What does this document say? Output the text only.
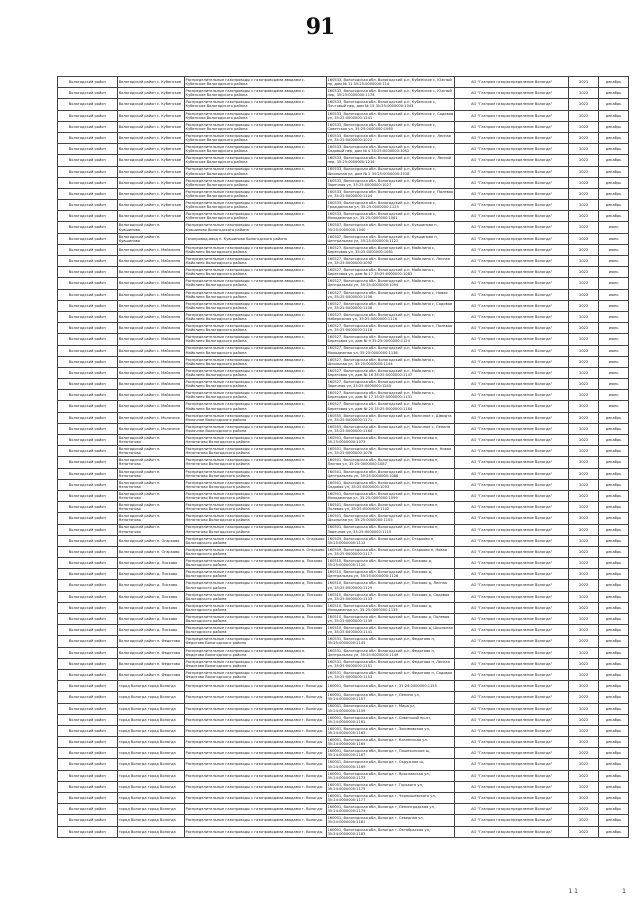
91
Вологодский район	Вологодский район с. Кубенское	Распределительные газопроводы с газопроводами-вводами с. Кубенское Вологодского района	160533, Вологодская обл. Вологодский р-н, Кубенское с, Южный пр, дом № 11 35:25:0000000:114	АО "Газпром газораспределение Вологда"	2021	декабрь
Вологодский район	Вологодский район с. Кубенское	Распределительные газопроводы с газопроводами-вводами с. Кубенское Вологодского района	160533, Вологодская обл. Вологодский р-н, Кубенское с, Южный пер, 35:25:0000000:1174	АО "Газпром газораспределение Вологда"	2022	декабрь
Вологодский район	Вологодский район с. Кубенское	Распределительные газопроводы с газопроводами-вводами с. Кубенское Вологодского района	160533, Вологодская обл. Вологодский р-н, Кубенское с, Почтовый пер, дом № 15 35:25:0000000:1043	АО "Газпром газораспределение Вологда"	2022	декабрь
Вологодский район	Вологодский район с. Кубенское	Распределительные газопроводы с газопроводами-вводами с. Кубенское Вологодского района	160533, Вологодская обл. Вологодский р-н, Кубенское с, Садовая ул, 35:25:0000000:1241	АО "Газпром газораспределение Вологда"	2022	декабрь
Вологодский район	Вологодский район с. Кубенское	Распределительные газопроводы с газопроводами-вводами с. Кубенское Вологодского района	160533, Вологодская обл. Вологодский р-н, Кубенское с, Советская ул, 35:25:0000000:1060	АО "Газпром газораспределение Вологда"	2022	декабрь
Вологодский район	Вологодский район с. Кубенское	Распределительные газопроводы с газопроводами-вводами с. Кубенское Вологодского района	160533, Вологодская обл. Вологодский р-н, Кубенское с, Лесная ул, 35:25:0000000:1022	АО "Газпром газораспределение Вологда"	2022	декабрь
Вологодский район	Вологодский район с. Кубенское	Распределительные газопроводы с газопроводами-вводами с. Кубенское Вологодского района	160533, Вологодская обл. Вологодский р-н, Кубенское с, Садовый пер, дом № 4 35:25:0000000:1052	АО "Газпром газораспределение Вологда"	2022	декабрь
Вологодский район	Вологодский район с. Кубенское	Распределительные газопроводы с газопроводами-вводами с. Кубенское Вологодского района	160533, Вологодская обл. Вологодский р-н, Кубенское с, Лесной пер, 35:25:0000000:1216	АО "Газпром газораспределение Вологда"	2022	декабрь
Вологодский район	Вологодский район с. Кубенское	Распределительные газопроводы с газопроводами-вводами с. Кубенское Вологодского района	160533, Вологодская обл. Вологодский р-н, Кубенское с, Школьная ул, дом № 2 35:25:0000000:1018	АО "Газпром газораспределение Вологда"	2022	декабрь
Вологодский район	Вологодский район с. Кубенское	Распределительные газопроводы с газопроводами-вводами с. Кубенское Вологодского района	160533, Вологодская обл. Вологодский р-н, Кубенское с, Заречная ул, 35:25:0000000:1027	АО "Газпром газораспределение Вологда"	2022	декабрь
Вологодский район	Вологодский район с. Кубенское	Распределительные газопроводы с газопроводами-вводами с. Кубенское Вологодского района	160533, Вологодская обл. Вологодский р-н, Кубенское с, Полевая ул, 35:25:0000000:1104	АО "Газпром газораспределение Вологда"	2022	декабрь
Вологодский район	Вологодский район с. Кубенское	Распределительные газопроводы с газопроводами-вводами с. Кубенское Вологодского района	160533, Вологодская обл. Вологодский р-н, Кубенское с, Гражданская ул, 35:25:0000000:1125	АО "Газпром газораспределение Вологда"	2022	декабрь
Вологодский район	Вологодский район с. Кубенское	Распределительные газопроводы с газопроводами-вводами с. Кубенское Вологодского района	160533, Вологодская обл. Вологодский р-н, Кубенское с, Молодежная ул, 35:25:0000000:1061	АО "Газпром газораспределение Вологда"	2022	декабрь
Вологодский район	Вологодский район п. Кувшиново	Распределительные газопроводы с газопроводами-вводами п. Кувшиново Вологодского района	160507, Вологодская обл. Вологодский р-н, Кувшиново п, 35:25:0000000:1040	АО "Газпром газораспределение Вологда"	2022	июнь
Вологодский район	Вологодский район п. Кувшиново	Газопровод-ввод п. Кувшиново Вологодского района	160507, Вологодская обл. Вологодский р-н, Кувшиново п, Центральная ул, 35:25:0000000:1122	АО "Газпром газораспределение Вологда"	2022	июнь
Вологодский район	Вологодский район с. Майклино	Распределительные газопроводы с газопроводами-вводами с. Майклино Вологодского района	160527, Вологодская обл. Вологодский р-н, Майклино с, Береговая ул, 35:25:0000000:1081	АО "Газпром газораспределение Вологда"	2022	июнь
Вологодский район	Вологодский район с. Майклино	Распределительные газопроводы с газопроводами-вводами с. Майклино Вологодского района	160527, Вологодская обл. Вологодский р-н, Майклино с, Лесная ул, 35:25:0000000:1092	АО "Газпром газораспределение Вологда"	2022	июнь
Вологодский район	Вологодский район с. Майклино	Распределительные газопроводы с газопроводами-вводами с. Майклино Вологодского района	160527, Вологодская обл. Вологодский р-н, Майклино с, Береговая ул, дом № 17 35:25:0000000:1083	АО "Газпром газораспределение Вологда"	2022	июнь
Вологодский район	Вологодский район с. Майклино	Распределительные газопроводы с газопроводами-вводами с. Майклино Вологодского района	160527, Вологодская обл. Вологодский р-н, Майклино с, Центральная ул, 35:25:0000000:1094	АО "Газпром газораспределение Вологда"	2022	июнь
Вологодский район	Вологодский район с. Майклино	Распределительные газопроводы с газопроводами-вводами с. Майклино Вологодского района	160527, Вологодская обл. Вологодский р-н, Майклино с, Новая ул, 35:25:0000000:1106	АО "Газпром газораспределение Вологда"	2022	июнь
Вологодский район	Вологодский район с. Майклино	Распределительные газопроводы с газопроводами-вводами с. Майклино Вологодского района	160527, Вологодская обл. Вологодский р-н, Майклино с, Садовая ул, 35:25:0000000:1108	АО "Газпром газораспределение Вологда"	2022	июнь
Вологодский район	Вологодский район с. Майклино	Распределительные газопроводы с газопроводами-вводами с. Майклино Вологодского района	160527, Вологодская обл. Вологодский р-н, Майклино с, Набережная ул, 35:25:0000000:1116	АО "Газпром газораспределение Вологда"	2022	июнь
Вологодский район	Вологодский район с. Майклино	Распределительные газопроводы с газопроводами-вводами с. Майклино Вологодского района	160527, Вологодская обл. Вологодский р-н, Майклино с, Полевая ул, 35:25:0000000:1118	АО "Газпром газораспределение Вологда"	2022	июнь
Вологодский район	Вологодский район с. Майклино	Распределительные газопроводы с газопроводами-вводами с. Майклино Вологодского района	160527, Вологодская обл. Вологодский р-н, Майклино с, Береговая ул, дом № 9 35:25:0000000:1124	АО "Газпром газораспределение Вологда"	2022	июнь
Вологодский район	Вологодский район с. Майклино	Распределительные газопроводы с газопроводами-вводами с. Майклино Вологодского района	160527, Вологодская обл. Вологодский р-н, Майклино с, Молодежная ул, 35:25:0000000:1136	АО "Газпром газораспределение Вологда"	2022	июнь
Вологодский район	Вологодский район с. Майклино	Распределительные газопроводы с газопроводами-вводами с. Майклино Вологодского района	160527, Вологодская обл. Вологодский р-н, Майклино с, Школьная ул, 35:25:0000000:1144	АО "Газпром газораспределение Вологда"	2022	июнь
Вологодский район	Вологодский район с. Майклино	Распределительные газопроводы с газопроводами-вводами с. Майклино Вологодского района	160527, Вологодская обл. Вологодский р-н, Майклино с, Береговая ул, дом № 16 35:25:0000000:1147	АО "Газпром газораспределение Вологда"	2022	июнь
Вологодский район	Вологодский район с. Майклино	Распределительные газопроводы с газопроводами-вводами с. Майклино Вологодского района	160527, Вологодская обл. Вологодский р-н, Майклино с, Заречная ул, 35:25:0000000:1245	АО "Газпром газораспределение Вологда"	2022	июнь
Вологодский район	Вологодский район с. Майклино	Распределительные газопроводы с газопроводами-вводами с. Майклино Вологодского района	160527, Вологодская обл. Вологодский р-н, Майклино с, Береговая ул, дом № 17 35:25:0000000:1131	АО "Газпром газораспределение Вологда"	2022	июнь
Вологодский район	Вологодский район с. Майклино	Распределительные газопроводы с газопроводами-вводами с. Майклино Вологодского района	160527, Вологодская обл. Вологодский р-н, Майклино с, Береговая ул, дом № 25 35:25:0000000:1184	АО "Газпром газораспределение Вологда"	2022	июнь
Вологодский район	Вологодский район с. Молочное	Распределительные газопроводы с газопроводами-вводами с. Молочное Вологодского района	160555, Вологодская обл. Вологодский р-н, Молочное с, Шмидта ул, 35:25:0000000:1171	АО "Газпром газораспределение Вологда"	2022	декабрь
Вологодский район	Вологодский район с. Молочное	Распределительные газопроводы с газопроводами-вводами с. Молочное Вологодского района	160555, Вологодская обл. Вологодский р-н, Молочное с, Ленина ул, 35:25:0000000:1164	АО "Газпром газораспределение Вологда"	2022	декабрь
Вологодский район	Вологодский район п. Непотягово	Распределительные газопроводы с газопроводами-вводами п. Непотягово Вологодского района	160501, Вологодская обл. Вологодский р-н, Непотягово п, 35:25:0000000:1073	АО "Газпром газораспределение Вологда"	2022	декабрь
Вологодский район	Вологодский район п. Непотягово	Распределительные газопроводы с газопроводами-вводами п. Непотягово Вологодского района	160501, Вологодская обл. Вологодский р-н, Непотягово п, Новая ул, 35:25:0000000:1078	АО "Газпром газораспределение Вологда"	2022	декабрь
Вологодский район	Вологодский район п. Непотягово	Распределительные газопроводы с газопроводами-вводами п. Непотягово Вологодского района	160501, Вологодская обл. Вологодский р-н, Непотягово п, Лесная ул, 35:25:0000000:1087	АО "Газпром газораспределение Вологда"	2022	декабрь
Вологодский район	Вологодский район п. Непотягово	Распределительные газопроводы с газопроводами-вводами п. Непотягово Вологодского района	160501, Вологодская обл. Вологодский р-н, Непотягово п, Центральная ул, 35:25:0000000:1088	АО "Газпром газораспределение Вологда"	2022	декабрь
Вологодский район	Вологодский район п. Непотягово	Распределительные газопроводы с газопроводами-вводами п. Непотягово Вологодского района	160501, Вологодская обл. Вологодский р-н, Непотягово п, Садовая ул, 35:25:0000000:1093	АО "Газпром газораспределение Вологда"	2022	декабрь
Вологодский район	Вологодский район п. Непотягово	Распределительные газопроводы с газопроводами-вводами п. Непотягово Вологодского района	160501, Вологодская обл. Вологодский р-н, Непотягово п, Молодежная ул, 35:25:0000000:1099	АО "Газпром газораспределение Вологда"	2022	декабрь
Вологодский район	Вологодский район п. Непотягово	Распределительные газопроводы с газопроводами-вводами п. Непотягово Вологодского района	160501, Вологодская обл. Вологодский р-н, Непотягово п, Полевая ул, 35:25:0000000:1102	АО "Газпром газораспределение Вологда"	2022	декабрь
Вологодский район	Вологодский район п. Непотягово	Распределительные газопроводы с газопроводами-вводами п. Непотягово Вологодского района	160501, Вологодская обл. Вологодский р-н, Непотягово п, Школьная ул, 35:25:0000000:1105	АО "Газпром газораспределение Вологда"	2022	декабрь
Вологодский район	Вологодский район п. Непотягово	Распределительные газопроводы с газопроводами-вводами п. Непотягово Вологодского района	160501, Вологодская обл. Вологодский р-н, Непотягово п, Заречная ул, 35:25:0000000:1110	АО "Газпром газораспределение Вологда"	2022	декабрь
Вологодский район	Вологодский район п. Огарково	Распределительные газопроводы с газопроводами-вводами п. Огарково Вологодского района	160509, Вологодская обл. Вологодский р-н, Огарково п, 35:25:0000000:1112	АО "Газпром газораспределение Вологда"	2022	декабрь
Вологодский район	Вологодский район п. Огарково	Распределительные газопроводы с газопроводами-вводами п. Огарково Вологодского района	160509, Вологодская обл. Вологодский р-н, Огарково п, Новая ул, 35:25:0000000:1117	АО "Газпром газораспределение Вологда"	2022	декабрь
Вологодский район	Вологодский район д. Писково	Распределительные газопроводы с газопроводами-вводами д. Писково Вологодского района	160510, Вологодская обл. Вологодский р-н, Писково д, 35:25:0000000:1120	АО "Газпром газораспределение Вологда"	2022	декабрь
Вологодский район	Вологодский район д. Писково	Распределительные газопроводы с газопроводами-вводами д. Писково Вологодского района	160510, Вологодская обл. Вологодский р-н, Писково д, Центральная ул, 35:25:0000000:1126	АО "Газпром газораспределение Вологда"	2022	декабрь
Вологодский район	Вологодский район д. Писково	Распределительные газопроводы с газопроводами-вводами д. Писково Вологодского района	160510, Вологодская обл. Вологодский р-н, Писково д, Лесная ул, 35:25:0000000:1129	АО "Газпром газораспределение Вологда"	2022	декабрь
Вологодский район	Вологодский район д. Писково	Распределительные газопроводы с газопроводами-вводами д. Писково Вологодского района	160510, Вологодская обл. Вологодский р-н, Писково д, Садовая ул, 35:25:0000000:1133	АО "Газпром газораспределение Вологда"	2022	декабрь
Вологодский район	Вологодский район д. Писково	Распределительные газопроводы с газопроводами-вводами д. Писково Вологодского района	160510, Вологодская обл. Вологодский р-н, Писково д, Молодежная ул, 35:25:0000000:1135	АО "Газпром газораспределение Вологда"	2022	декабрь
Вологодский район	Вологодский район д. Писково	Распределительные газопроводы с газопроводами-вводами д. Писково Вологодского района	160510, Вологодская обл. Вологодский р-н, Писково д, Полевая ул, 35:25:0000000:1139	АО "Газпром газораспределение Вологда"	2022	декабрь
Вологодский район	Вологодский район д. Писково	Распределительные газопроводы с газопроводами-вводами д. Писково Вологодского района	160510, Вологодская обл. Вологодский р-н, Писково д, Школьная ул, 35:25:0000000:1141	АО "Газпром газораспределение Вологда"	2022	декабрь
Вологодский район	Вологодский район п. Федотово	Распределительные газопроводы с газопроводами-вводами п. Федотово Вологодского района	160531, Вологодская обл. Вологодский р-н, Федотово п, 35:25:0000000:1145	АО "Газпром газораспределение Вологда"	2022	декабрь
Вологодский район	Вологодский район п. Федотово	Распределительные газопроводы с газопроводами-вводами п. Федотово Вологодского района	160531, Вологодская обл. Вологодский р-н, Федотово п, Центральная ул, 35:25:0000000:1149	АО "Газпром газораспределение Вологда"	2022	декабрь
Вологодский район	Вологодский район п. Федотово	Распределительные газопроводы с газопроводами-вводами п. Федотово Вологодского района	160531, Вологодская обл. Вологодский р-н, Федотово п, Лесная ул, 35:25:0000000:1151	АО "Газпром газораспределение Вологда"	2022	декабрь
Вологодский район	Вологодский район п. Федотово	Распределительные газопроводы с газопроводами-вводами п. Федотово Вологодского района	160531, Вологодская обл. Вологодский р-н, Федотово п, Садовая ул, 35:25:0000000:1153	АО "Газпром газораспределение Вологда"	2022	декабрь
Вологодский район	город Вологда город Вологда	Распределительные газопроводы с газопроводами-вводами г. Вологды	160001, Вологодская обл, Вологда г, 35:24:0000000:1155	АО "Газпром газораспределение Вологда"	2022	декабрь
Вологодский район	город Вологда город Вологда	Распределительные газопроводы с газопроводами-вводами г. Вологды	160001, Вологодская обл, Вологда г, Ленина ул, 35:24:0000000:1157	АО "Газпром газораспределение Вологда"	2022	декабрь
Вологодский район	город Вологда город Вологда	Распределительные газопроводы с газопроводами-вводами г. Вологды	160001, Вологодская обл, Вологда г, Мира ул, 35:24:0000000:1159	АО "Газпром газораспределение Вологда"	2022	декабрь
Вологодский район	город Вологда город Вологда	Распределительные газопроводы с газопроводами-вводами г. Вологды	160001, Вологодская обл, Вологда г, Советский пр-кт, 35:24:0000000:1161	АО "Газпром газораспределение Вологда"	2022	декабрь
Вологодский район	город Вологда город Вологда	Распределительные газопроводы с газопроводами-вводами г. Вологды	160001, Вологодская обл, Вологда г, Зосимовская ул, 35:24:0000000:1163	АО "Газпром газораспределение Вологда"	2022	декабрь
Вологодский район	город Вологда город Вологда	Распределительные газопроводы с газопроводами-вводами г. Вологды	160001, Вологодская обл, Вологда г, Козленская ул, 35:24:0000000:1165	АО "Газпром газораспределение Вологда"	2022	декабрь
Вологодский район	город Вологда город Вологда	Распределительные газопроводы с газопроводами-вводами г. Вологды	160001, Вологодская обл, Вологда г, Пошехонское ш, 35:24:0000000:1167	АО "Газпром газораспределение Вологда"	2022	декабрь
Вологодский район	город Вологда город Вологда	Распределительные газопроводы с газопроводами-вводами г. Вологды	160001, Вологодская обл, Вологда г, Окружное ш, 35:24:0000000:1169	АО "Газпром газораспределение Вологда"	2022	декабрь
Вологодский район	город Вологда город Вологда	Распределительные газопроводы с газопроводами-вводами г. Вологды	160001, Вологодская обл, Вологда г, Ярославская ул, 35:24:0000000:1173	АО "Газпром газораспределение Вологда"	2022	декабрь
Вологодский район	город Вологда город Вологда	Распределительные газопроводы с газопроводами-вводами г. Вологды	160001, Вологодская обл, Вологда г, Горького ул, 35:24:0000000:1175	АО "Газпром газораспределение Вологда"	2022	декабрь
Вологодский район	город Вологда город Вологда	Распределительные газопроводы с газопроводами-вводами г. Вологды	160001, Вологодская обл, Вологда г, Чернышевского ул, 35:24:0000000:1177	АО "Газпром газораспределение Вологда"	2022	декабрь
Вологодский район	город Вологда город Вологда	Распределительные газопроводы с газопроводами-вводами г. Вологды	160001, Вологодская обл, Вологда г, Ленинградская ул, 35:24:0000000:1179	АО "Газпром газораспределение Вологда"	2022	декабрь
Вологодский район	город Вологда город Вологда	Распределительные газопроводы с газопроводами-вводами г. Вологды	160001, Вологодская обл, Вологда г, Северная ул, 35:24:0000000:1181	АО "Газпром газораспределение Вологда"	2022	декабрь
Вологодский район	город Вологда город Вологда	Распределительные газопроводы с газопроводами-вводами г. Вологды	160001, Вологодская обл, Вологда г, Октябрьская ул, 35:24:0000000:1183	АО "Газпром газораспределение Вологда"	2022	декабрь
1 1	1
